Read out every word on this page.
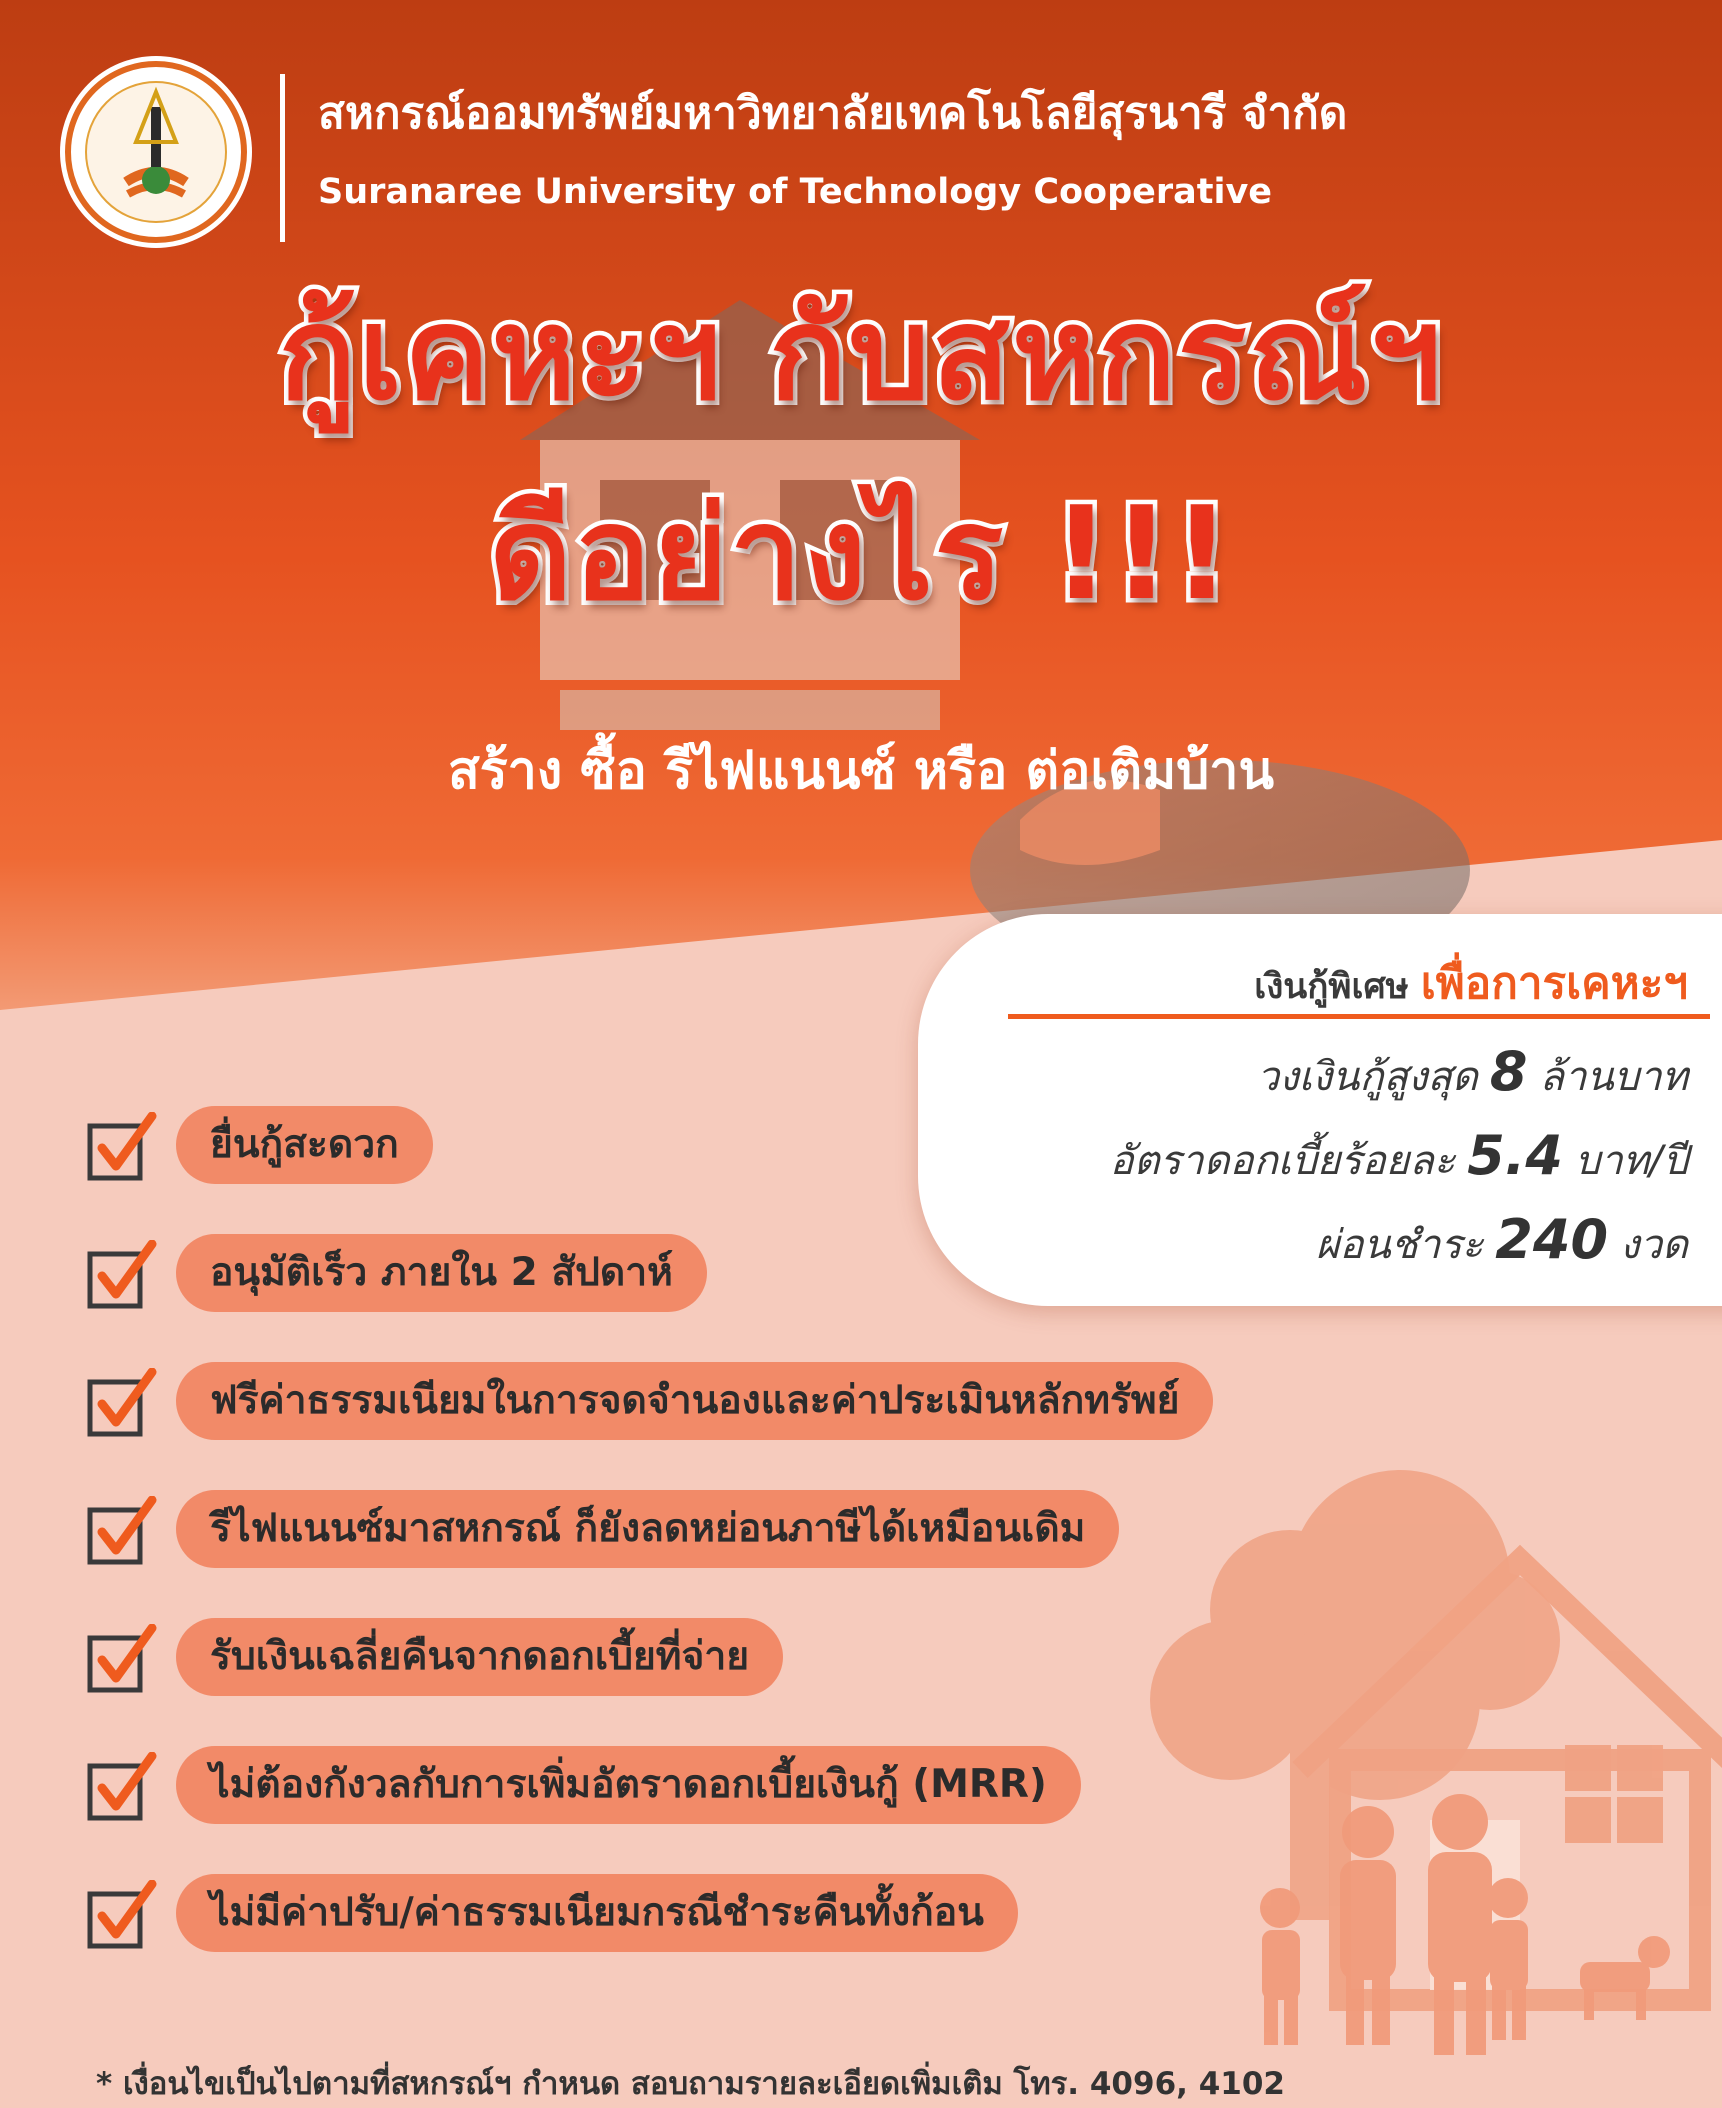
สหกรณ์ออมทรัพย์มหาวิทยาลัยเทคโนโลยีสุรนารี จำกัด
Suranaree University of Technology Cooperative
กู้เคหะฯ กับสหกรณ์ฯ
ดีอย่างไร !!!
สร้าง ซื้อ รีไฟแนนซ์ หรือ ต่อเติมบ้าน
เงินกู้พิเศษ เพื่อการเคหะฯ
วงเงินกู้สูงสุด 8 ล้านบาท
อัตราดอกเบี้ยร้อยละ 5.4 บาท/ปี
ผ่อนชำระ 240 งวด
ยื่นกู้สะดวก
อนุมัติเร็ว ภายใน 2 สัปดาห์
ฟรีค่าธรรมเนียมในการจดจำนองและค่าประเมินหลักทรัพย์
รีไฟแนนซ์มาสหกรณ์ ก็ยังลดหย่อนภาษีได้เหมือนเดิม
รับเงินเฉลี่ยคืนจากดอกเบี้ยที่จ่าย
ไม่ต้องกังวลกับการเพิ่มอัตราดอกเบี้ยเงินกู้ (MRR)
ไม่มีค่าปรับ/ค่าธรรมเนียมกรณีชำระคืนทั้งก้อน
* เงื่อนไขเป็นไปตามที่สหกรณ์ฯ กำหนด สอบถามรายละเอียดเพิ่มเติม โทร. 4096, 4102
